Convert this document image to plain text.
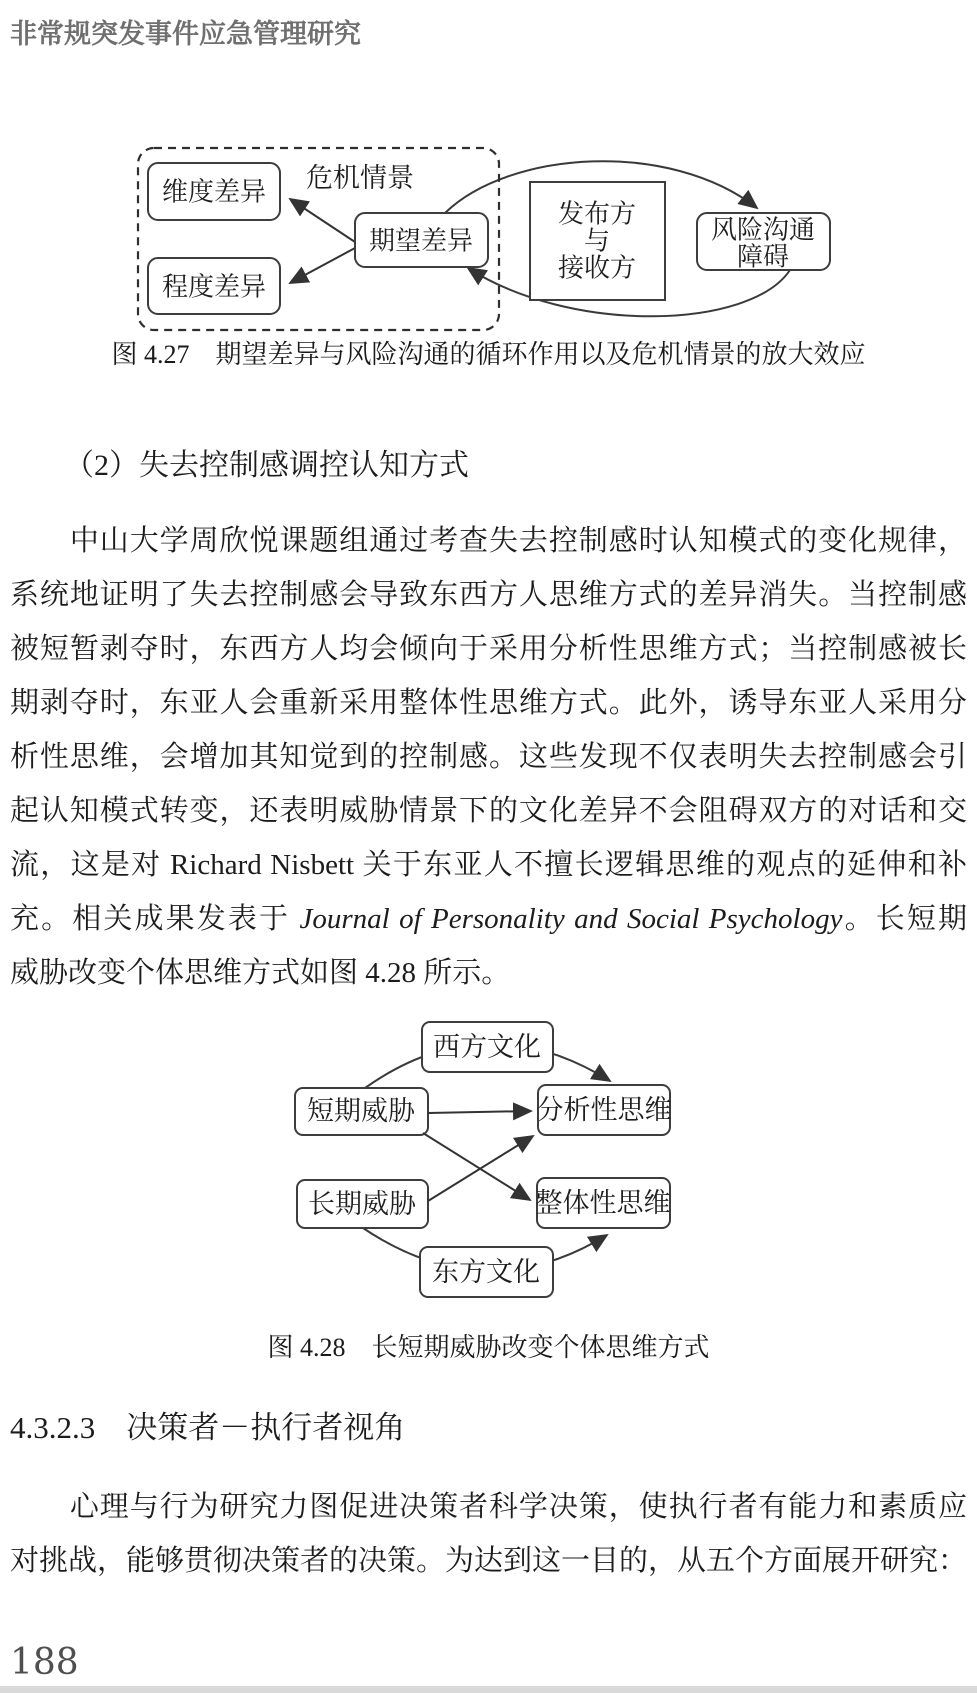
非常规突发事件应急管理研究
危机情景
维度差异
程度差异
期望差异
发布方
与
接收方
风险沟通
障碍
图 4.27　期望差异与风险沟通的循环作用以及危机情景的放大效应
（2）失去控制感调控认知方式
　　中山大学周欣悦课题组通过考查失去控制感时认知模式的变化规律，
系统地证明了失去控制感会导致东西方人思维方式的差异消失。当控制感
被短暂剥夺时，东西方人均会倾向于采用分析性思维方式；当控制感被长
期剥夺时，东亚人会重新采用整体性思维方式。此外，诱导东亚人采用分
析性思维，会增加其知觉到的控制感。这些发现不仅表明失去控制感会引
起认知模式转变，还表明威胁情景下的文化差异不会阻碍双方的对话和交
流，这是对 Richard Nisbett 关于东亚人不擅长逻辑思维的观点的延伸和补
充。相关成果发表于 Journal of Personality and Social Psychology。长短期
威胁改变个体思维方式如图 4.28 所示。
西方文化
短期威胁	分析性思维
长期威胁	整体性思维
东方文化
图 4.28　长短期威胁改变个体思维方式
4.3.2.3　决策者－执行者视角
　　心理与行为研究力图促进决策者科学决策，使执行者有能力和素质应
对挑战，能够贯彻决策者的决策。为达到这一目的，从五个方面展开研究：
188
